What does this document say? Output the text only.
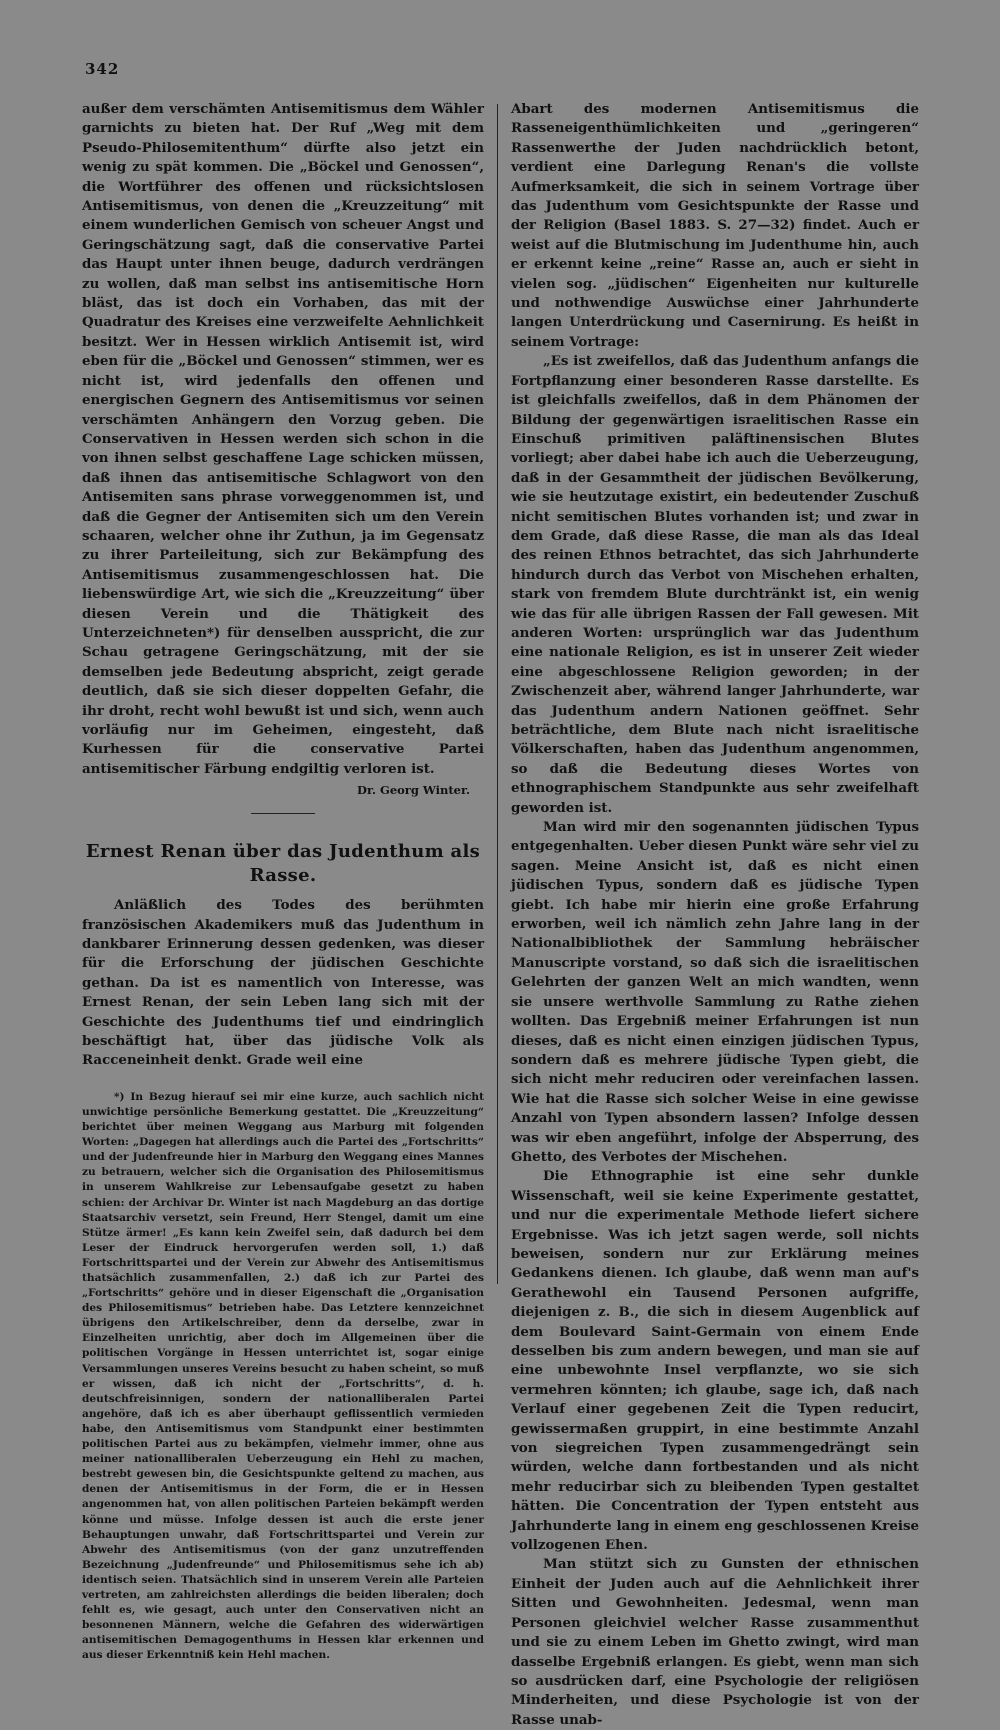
342

außer dem verschämten Antisemitismus dem Wähler garnichts zu bieten hat. Der Ruf „Weg mit dem Pseudo-Philosemitenthum“ dürfte also jetzt ein wenig zu spät kommen. Die „Böckel und Genossen“, die Wortführer des offenen und rücksichtslosen Antisemitismus, von denen die „Kreuzzeitung“ mit einem wunderlichen Gemisch von scheuer Angst und Geringschätzung sagt, daß die conservative Partei das Haupt unter ihnen beuge, dadurch verdrängen zu wollen, daß man selbst ins antisemitische Horn bläst, das ist doch ein Vorhaben, das mit der Quadratur des Kreises eine verzweifelte Aehnlichkeit besitzt. Wer in Hessen wirklich Antisemit ist, wird eben für die „Böckel und Genossen“ stimmen, wer es nicht ist, wird jedenfalls den offenen und energischen Gegnern des Antisemitismus vor seinen verschämten Anhängern den Vorzug geben. Die Conservativen in Hessen werden sich schon in die von ihnen selbst geschaffene Lage schicken müssen, daß ihnen das antisemitische Schlagwort von den Antisemiten sans phrase vorweggenommen ist, und daß die Gegner der Antisemiten sich um den Verein schaaren, welcher ohne ihr Zuthun, ja im Gegensatz zu ihrer Parteileitung, sich zur Bekämpfung des Antisemitismus zusammengeschlossen hat. Die liebenswürdige Art, wie sich die „Kreuzzeitung“ über diesen Verein und die Thätigkeit des Unterzeichneten*) für denselben ausspricht, die zur Schau getragene Geringschätzung, mit der sie demselben jede Bedeutung abspricht, zeigt gerade deutlich, daß sie sich dieser doppelten Gefahr, die ihr droht, recht wohl bewußt ist und sich, wenn auch vorläufig nur im Geheimen, eingesteht, daß Kurhessen für die conservative Partei antisemitischer Färbung endgiltig verloren ist.

Dr. Georg Winter.
Ernest Renan über das Judenthum als Rasse.

Anläßlich des Todes des berühmten französischen Akademikers muß das Judenthum in dankbarer Erinnerung dessen gedenken, was dieser für die Erforschung der jüdischen Geschichte gethan. Da ist es namentlich von Interesse, was Ernest Renan, der sein Leben lang sich mit der Geschichte des Judenthums tief und eindringlich beschäftigt hat, über das jüdische Volk als Racceneinheit denkt. Grade weil eine

*) In Bezug hierauf sei mir eine kurze, auch sachlich nicht unwichtige persönliche Bemerkung gestattet. Die „Kreuzzeitung“ berichtet über meinen Weggang aus Marburg mit folgenden Worten: „Dagegen hat allerdings auch die Partei des „Fortschritts“ und der Judenfreunde hier in Marburg den Weggang eines Mannes zu betrauern, welcher sich die Organisation des Philosemitismus in unserem Wahlkreise zur Lebensaufgabe gesetzt zu haben schien: der Archivar Dr. Winter ist nach Magdeburg an das dortige Staatsarchiv versetzt, sein Freund, Herr Stengel, damit um eine Stütze ärmer! „Es kann kein Zweifel sein, daß dadurch bei dem Leser der Eindruck hervorgerufen werden soll, 1.) daß Fortschrittspartei und der Verein zur Abwehr des Antisemitismus thatsächlich zusammenfallen, 2.) daß ich zur Partei des „Fortschritts“ gehöre und in dieser Eigenschaft die „Organisation des Philosemitismus“ betrieben habe. Das Letztere kennzeichnet übrigens den Artikelschreiber, denn da derselbe, zwar in Einzelheiten unrichtig, aber doch im Allgemeinen über die politischen Vorgänge in Hessen unterrichtet ist, sogar einige Versammlungen unseres Vereins besucht zu haben scheint, so muß er wissen, daß ich nicht der „Fortschritts“, d. h. deutschfreisinnigen, sondern der nationalliberalen Partei angehöre, daß ich es aber überhaupt geflissentlich vermieden habe, den Antisemitismus vom Standpunkt einer bestimmten politischen Partei aus zu bekämpfen, vielmehr immer, ohne aus meiner nationalliberalen Ueberzeugung ein Hehl zu machen, bestrebt gewesen bin, die Gesichtspunkte geltend zu machen, aus denen der Antisemitismus in der Form, die er in Hessen angenommen hat, von allen politischen Parteien bekämpft werden könne und müsse. Infolge dessen ist auch die erste jener Behauptungen unwahr, daß Fortschrittspartei und Verein zur Abwehr des Antisemitismus (von der ganz unzutreffenden Bezeichnung „Judenfreunde“ und Philosemitismus sehe ich ab) identisch seien. Thatsächlich sind in unserem Verein alle Parteien vertreten, am zahlreichsten allerdings die beiden liberalen; doch fehlt es, wie gesagt, auch unter den Conservativen nicht an besonnenen Männern, welche die Gefahren des widerwärtigen antisemitischen Demagogenthums in Hessen klar erkennen und aus dieser Erkenntniß kein Hehl machen.

Abart des modernen Antisemitismus die Rasseneigenthümlichkeiten und „geringeren“ Rassenwerthe der Juden nachdrücklich betont, verdient eine Darlegung Renan's die vollste Aufmerksamkeit, die sich in seinem Vortrage über das Judenthum vom Gesichtspunkte der Rasse und der Religion (Basel 1883. S. 27—32) findet. Auch er weist auf die Blutmischung im Judenthume hin, auch er erkennt keine „reine“ Rasse an, auch er sieht in vielen sog. „jüdischen“ Eigenheiten nur kulturelle und nothwendige Auswüchse einer Jahrhunderte langen Unterdrückung und Casernirung. Es heißt in seinem Vortrage:

„Es ist zweifellos, daß das Judenthum anfangs die Fortpflanzung einer besonderen Rasse darstellte. Es ist gleichfalls zweifellos, daß in dem Phänomen der Bildung der gegenwärtigen israelitischen Rasse ein Einschuß primitiven paläftinensischen Blutes vorliegt; aber dabei habe ich auch die Ueberzeugung, daß in der Gesammtheit der jüdischen Bevölkerung, wie sie heutzutage existirt, ein bedeutender Zuschuß nicht semitischen Blutes vorhanden ist; und zwar in dem Grade, daß diese Rasse, die man als das Ideal des reinen Ethnos betrachtet, das sich Jahrhunderte hindurch durch das Verbot von Mischehen erhalten, stark von fremdem Blute durchtränkt ist, ein wenig wie das für alle übrigen Rassen der Fall gewesen. Mit anderen Worten: ursprünglich war das Judenthum eine nationale Religion, es ist in unserer Zeit wieder eine abgeschlossene Religion geworden; in der Zwischenzeit aber, während langer Jahrhunderte, war das Judenthum andern Nationen geöffnet. Sehr beträchtliche, dem Blute nach nicht israelitische Völkerschaften, haben das Judenthum angenommen, so daß die Bedeutung dieses Wortes von ethnographischem Standpunkte aus sehr zweifelhaft geworden ist.

Man wird mir den sogenannten jüdischen Typus entgegenhalten. Ueber diesen Punkt wäre sehr viel zu sagen. Meine Ansicht ist, daß es nicht einen jüdischen Typus, sondern daß es jüdische Typen giebt. Ich habe mir hierin eine große Erfahrung erworben, weil ich nämlich zehn Jahre lang in der Nationalbibliothek der Sammlung hebräischer Manuscripte vorstand, so daß sich die israelitischen Gelehrten der ganzen Welt an mich wandten, wenn sie unsere werthvolle Sammlung zu Rathe ziehen wollten. Das Ergebniß meiner Erfahrungen ist nun dieses, daß es nicht einen einzigen jüdischen Typus, sondern daß es mehrere jüdische Typen giebt, die sich nicht mehr reduciren oder vereinfachen lassen. Wie hat die Rasse sich solcher Weise in eine gewisse Anzahl von Typen absondern lassen? Infolge dessen was wir eben angeführt, infolge der Absperrung, des Ghetto, des Verbotes der Mischehen.

Die Ethnographie ist eine sehr dunkle Wissenschaft, weil sie keine Experimente gestattet, und nur die experimentale Methode liefert sichere Ergebnisse. Was ich jetzt sagen werde, soll nichts beweisen, sondern nur zur Erklärung meines Gedankens dienen. Ich glaube, daß wenn man auf's Gerathewohl ein Tausend Personen aufgriffe, diejenigen z. B., die sich in diesem Augenblick auf dem Boulevard Saint-Germain von einem Ende desselben bis zum andern bewegen, und man sie auf eine unbewohnte Insel verpflanzte, wo sie sich vermehren könnten; ich glaube, sage ich, daß nach Verlauf einer gegebenen Zeit die Typen reducirt, gewissermaßen gruppirt, in eine bestimmte Anzahl von siegreichen Typen zusammengedrängt sein würden, welche dann fortbestanden und als nicht mehr reducirbar sich zu bleibenden Typen gestaltet hätten. Die Concentration der Typen entsteht aus Jahrhunderte lang in einem eng geschlossenen Kreise vollzogenen Ehen.

Man stützt sich zu Gunsten der ethnischen Einheit der Juden auch auf die Aehnlichkeit ihrer Sitten und Gewohnheiten. Jedesmal, wenn man Personen gleichviel welcher Rasse zusammenthut und sie zu einem Leben im Ghetto zwingt, wird man dasselbe Ergebniß erlangen. Es giebt, wenn man sich so ausdrücken darf, eine Psychologie der religiösen Minderheiten, und diese Psychologie ist von der Rasse unab-
